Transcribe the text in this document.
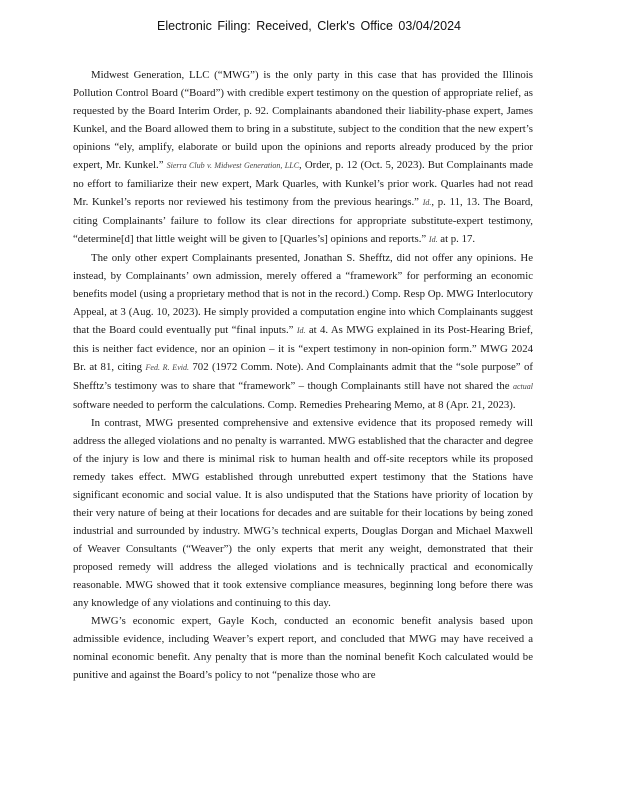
Electronic Filing: Received, Clerk's Office 03/04/2024

Midwest Generation, LLC (“MWG”) is the only party in this case that has provided the Illinois Pollution Control Board (“Board”) with credible expert testimony on the question of appropriate relief, as requested by the Board Interim Order, p. 92. Complainants abandoned their liability-phase expert, James Kunkel, and the Board allowed them to bring in a substitute, subject to the condition that the new expert’s opinions “ely, amplify, elaborate or build upon the opinions and reports already produced by the prior expert, Mr. Kunkel.” Sierra Club v. Midwest Generation, LLC, Order, p. 12 (Oct. 5, 2023). But Complainants made no effort to familiarize their new expert, Mark Quarles, with Kunkel’s prior work. Quarles had not read Mr. Kunkel’s reports nor reviewed his testimony from the previous hearings.” Id., p. 11, 13. The Board, citing Complainants’ failure to follow its clear directions for appropriate substitute-expert testimony, “determine[d] that little weight will be given to [Quarles’s] opinions and reports.” Id. at p. 17.

The only other expert Complainants presented, Jonathan S. Shefftz, did not offer any opinions. He instead, by Complainants’ own admission, merely offered a “framework” for performing an economic benefits model (using a proprietary method that is not in the record.) Comp. Resp Op. MWG Interlocutory Appeal, at 3 (Aug. 10, 2023). He simply provided a computation engine into which Complainants suggest that the Board could eventually put “final inputs.” Id. at 4. As MWG explained in its Post-Hearing Brief, this is neither fact evidence, nor an opinion – it is “expert testimony in non-opinion form.” MWG 2024 Br. at 81, citing Fed. R. Evid. 702 (1972 Comm. Note). And Complainants admit that the “sole purpose” of Shefftz’s testimony was to share that “framework” – though Complainants still have not shared the actual software needed to perform the calculations. Comp. Remedies Prehearing Memo, at 8 (Apr. 21, 2023).

In contrast, MWG presented comprehensive and extensive evidence that its proposed remedy will address the alleged violations and no penalty is warranted. MWG established that the character and degree of the injury is low and there is minimal risk to human health and off-site receptors while its proposed remedy takes effect. MWG established through unrebutted expert testimony that the Stations have significant economic and social value. It is also undisputed that the Stations have priority of location by their very nature of being at their locations for decades and are suitable for their locations by being zoned industrial and surrounded by industry. MWG’s technical experts, Douglas Dorgan and Michael Maxwell of Weaver Consultants (“Weaver”) the only experts that merit any weight, demonstrated that their proposed remedy will address the alleged violations and is technically practical and economically reasonable. MWG showed that it took extensive compliance measures, beginning long before there was any knowledge of any violations and continuing to this day.

MWG’s economic expert, Gayle Koch, conducted an economic benefit analysis based upon admissible evidence, including Weaver’s expert report, and concluded that MWG may have received a nominal economic benefit. Any penalty that is more than the nominal benefit Koch calculated would be punitive and against the Board’s policy to not “penalize those who are
